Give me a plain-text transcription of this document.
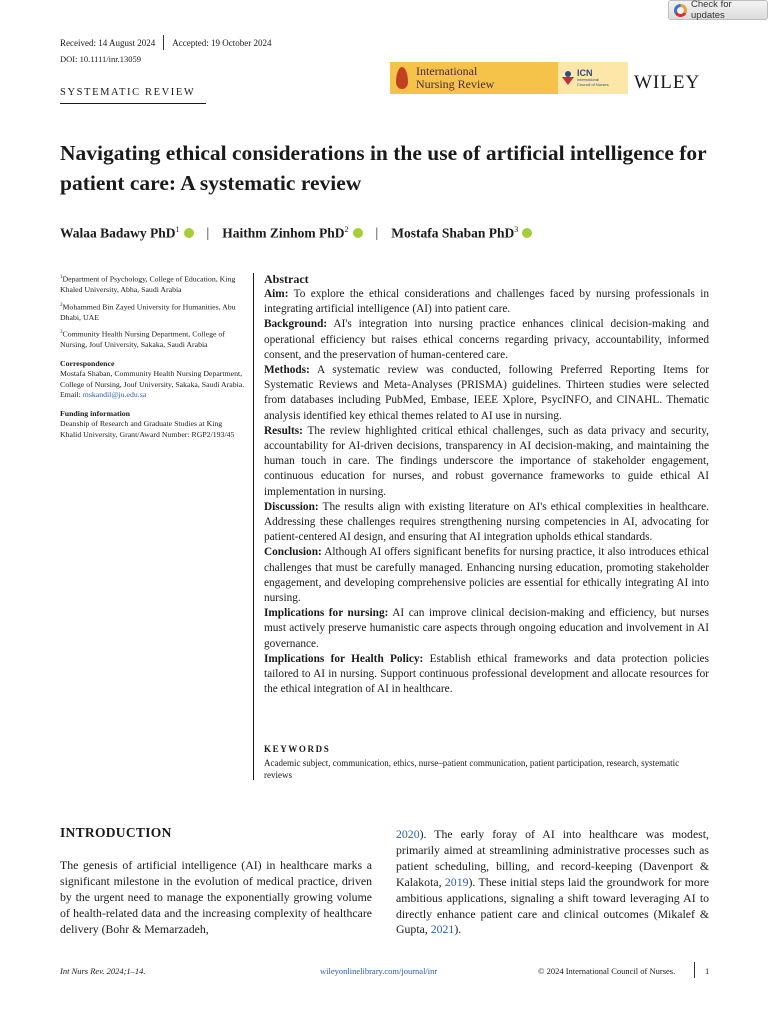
Check for updates
Received: 14 August 2024 Accepted: 19 October 2024
DOI: 10.1111/inr.13059
SYSTEMATIC REVIEW
International
Nursing Review
ICN
International
Council of Nurses WILEY
Navigating ethical considerations in the use of artificial intelligence for patient care: A systematic review
Walaa Badawy PhD$^1$ | Haithm Zinhom PhD$^2$ | Mostafa Shaban PhD$^3$

$^1$Department of Psychology, College of Education, King Khaled University, Abha, Saudi Arabia

$^2$Mohammed Bin Zayed University for Humanities, Abu Dhabi, UAE

$^3$Community Health Nursing Department, College of Nursing, Jouf University, Sakaka, Saudi Arabia

Correspondence

Mostafa Shaban, Community Health Nursing Department, College of Nursing, Jouf University, Sakaka, Saudi Arabia.

Email: mskandil@ju.edu.sa

Funding information

Deanship of Research and Graduate Studies at King Khalid University, Grant/Award Number: RGP2/193/45

Abstract

Aim: To explore the ethical considerations and challenges faced by nursing professionals in integrating artificial intelligence (AI) into patient care.

Background: AI's integration into nursing practice enhances clinical decision-making and operational efficiency but raises ethical concerns regarding privacy, accountability, informed consent, and the preservation of human-centered care.

Methods: A systematic review was conducted, following Preferred Reporting Items for Systematic Reviews and Meta-Analyses (PRISMA) guidelines. Thirteen studies were selected from databases including PubMed, Embase, IEEE Xplore, PsycINFO, and CINAHL. Thematic analysis identified key ethical themes related to AI use in nursing.

Results: The review highlighted critical ethical challenges, such as data privacy and security, accountability for AI-driven decisions, transparency in AI decision-making, and maintaining the human touch in care. The findings underscore the importance of stakeholder engagement, continuous education for nurses, and robust governance frameworks to guide ethical AI implementation in nursing.

Discussion: The results align with existing literature on AI's ethical complexities in healthcare. Addressing these challenges requires strengthening nursing competencies in AI, advocating for patient-centered AI design, and ensuring that AI integration upholds ethical standards.

Conclusion: Although AI offers significant benefits for nursing practice, it also introduces ethical challenges that must be carefully managed. Enhancing nursing education, promoting stakeholder engagement, and developing comprehensive policies are essential for ethically integrating AI into nursing.

Implications for nursing: AI can improve clinical decision-making and efficiency, but nurses must actively preserve humanistic care aspects through ongoing education and involvement in AI governance.

Implications for Health Policy: Establish ethical frameworks and data protection policies tailored to AI in nursing. Support continuous professional development and allocate resources for the ethical integration of AI in healthcare.

KEYWORDS
Academic subject, communication, ethics, nurse–patient communication, patient participation, research, systematic reviews
INTRODUCTION
The genesis of artificial intelligence (AI) in healthcare marks a significant milestone in the evolution of medical practice, driven by the urgent need to manage the exponentially growing volume of health-related data and the increasing complexity of healthcare delivery (Bohr & Memarzadeh,
2020). The early foray of AI into healthcare was modest, primarily aimed at streamlining administrative processes such as patient scheduling, billing, and record-keeping (Davenport & Kalakota, 2019). These initial steps laid the groundwork for more ambitious applications, signaling a shift toward leveraging AI to directly enhance patient care and clinical outcomes (Mikalef & Gupta, 2021).
Int Nurs Rev. 2024;1–14.	wileyonlinelibrary.com/journal/inr	© 2024 International Council of Nurses.	1
